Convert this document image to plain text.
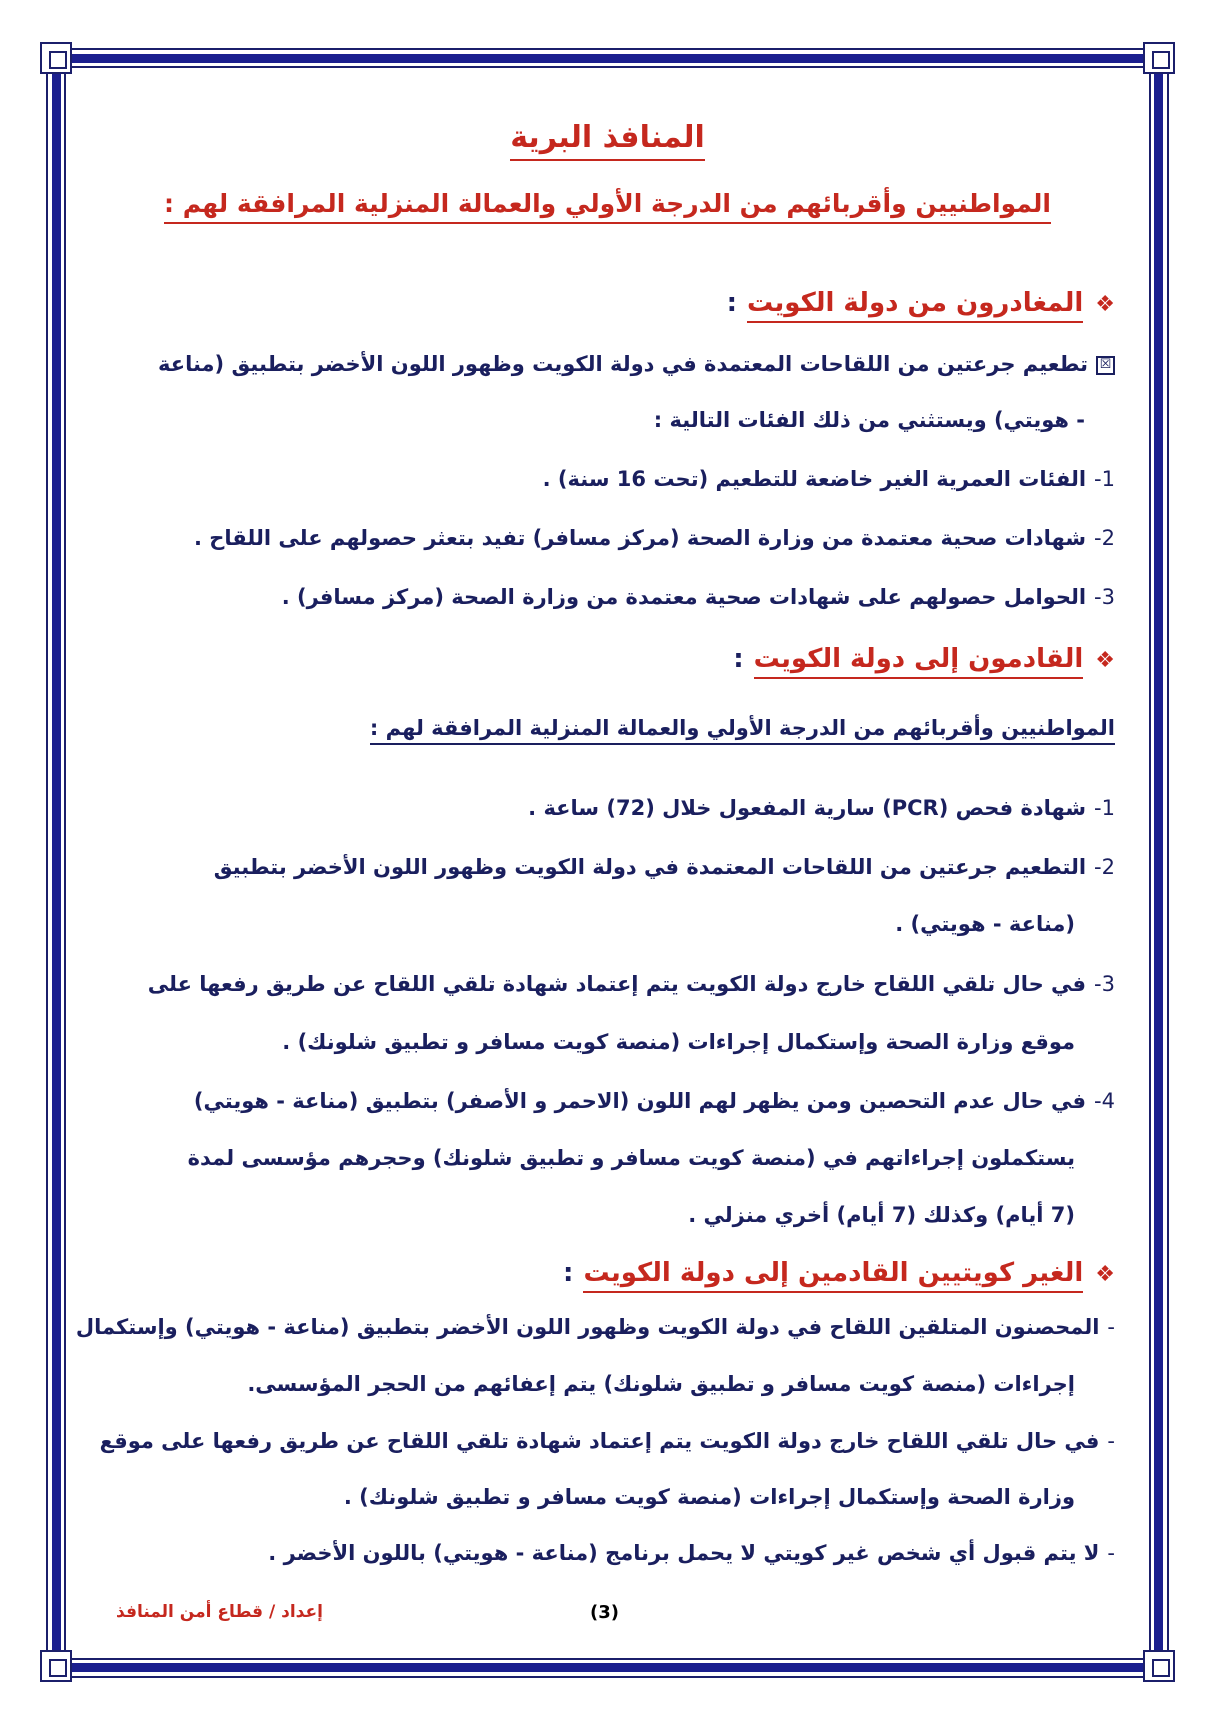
المنافذ البرية
المواطنيين وأقربائهم من الدرجة الأولي والعمالة المنزلية المرافقة لهم :
❖المغادرون من دولة الكويت:
☒تطعيم جرعتين من اللقاحات المعتمدة في دولة الكويت وظهور اللون الأخضر بتطبيق (مناعة
- هويتي) ويستثني من ذلك الفئات التالية :
1-الفئات العمرية الغير خاضعة للتطعيم (تحت 16 سنة) .
2-شهادات صحية معتمدة من وزارة الصحة (مركز مسافر) تفيد بتعثر حصولهم على اللقاح .
3-الحوامل حصولهم على شهادات صحية معتمدة من وزارة الصحة (مركز مسافر) .
❖القادمون إلى دولة الكويت:
المواطنيين وأقربائهم من الدرجة الأولي والعمالة المنزلية المرافقة لهم :
1-شهادة فحص (PCR) سارية المفعول خلال (72) ساعة .
2-التطعيم جرعتين من اللقاحات المعتمدة في دولة الكويت وظهور اللون الأخضر بتطبيق
(مناعة - هويتي) .
3-في حال تلقي اللقاح خارج دولة الكويت يتم إعتماد شهادة تلقي اللقاح عن طريق رفعها على
موقع وزارة الصحة وإستكمال إجراءات (منصة كويت مسافر و تطبيق شلونك) .
4-في حال عدم التحصين ومن يظهر لهم اللون (الاحمر و الأصفر) بتطبيق (مناعة - هويتي)
يستكملون إجراءاتهم في (منصة كويت مسافر و تطبيق شلونك) وحجرهم مؤسسى لمدة
(7 أيام) وكذلك (7 أيام) أخري منزلي .
❖الغير كويتيين القادمين إلى دولة الكويت:
-المحصنون المتلقين اللقاح في دولة الكويت وظهور اللون الأخضر بتطبيق (مناعة - هويتي) وإستكمال
إجراءات (منصة كويت مسافر و تطبيق شلونك) يتم إعفائهم من الحجر المؤسسى.
-في حال تلقي اللقاح خارج دولة الكويت يتم إعتماد شهادة تلقي اللقاح عن طريق رفعها على موقع
وزارة الصحة وإستكمال إجراءات (منصة كويت مسافر و تطبيق شلونك) .
-لا يتم قبول أي شخص غير كويتي لا يحمل برنامج (مناعة - هويتي) باللون الأخضر .
إعداد / قطاع أمن المنافذ	(3)
